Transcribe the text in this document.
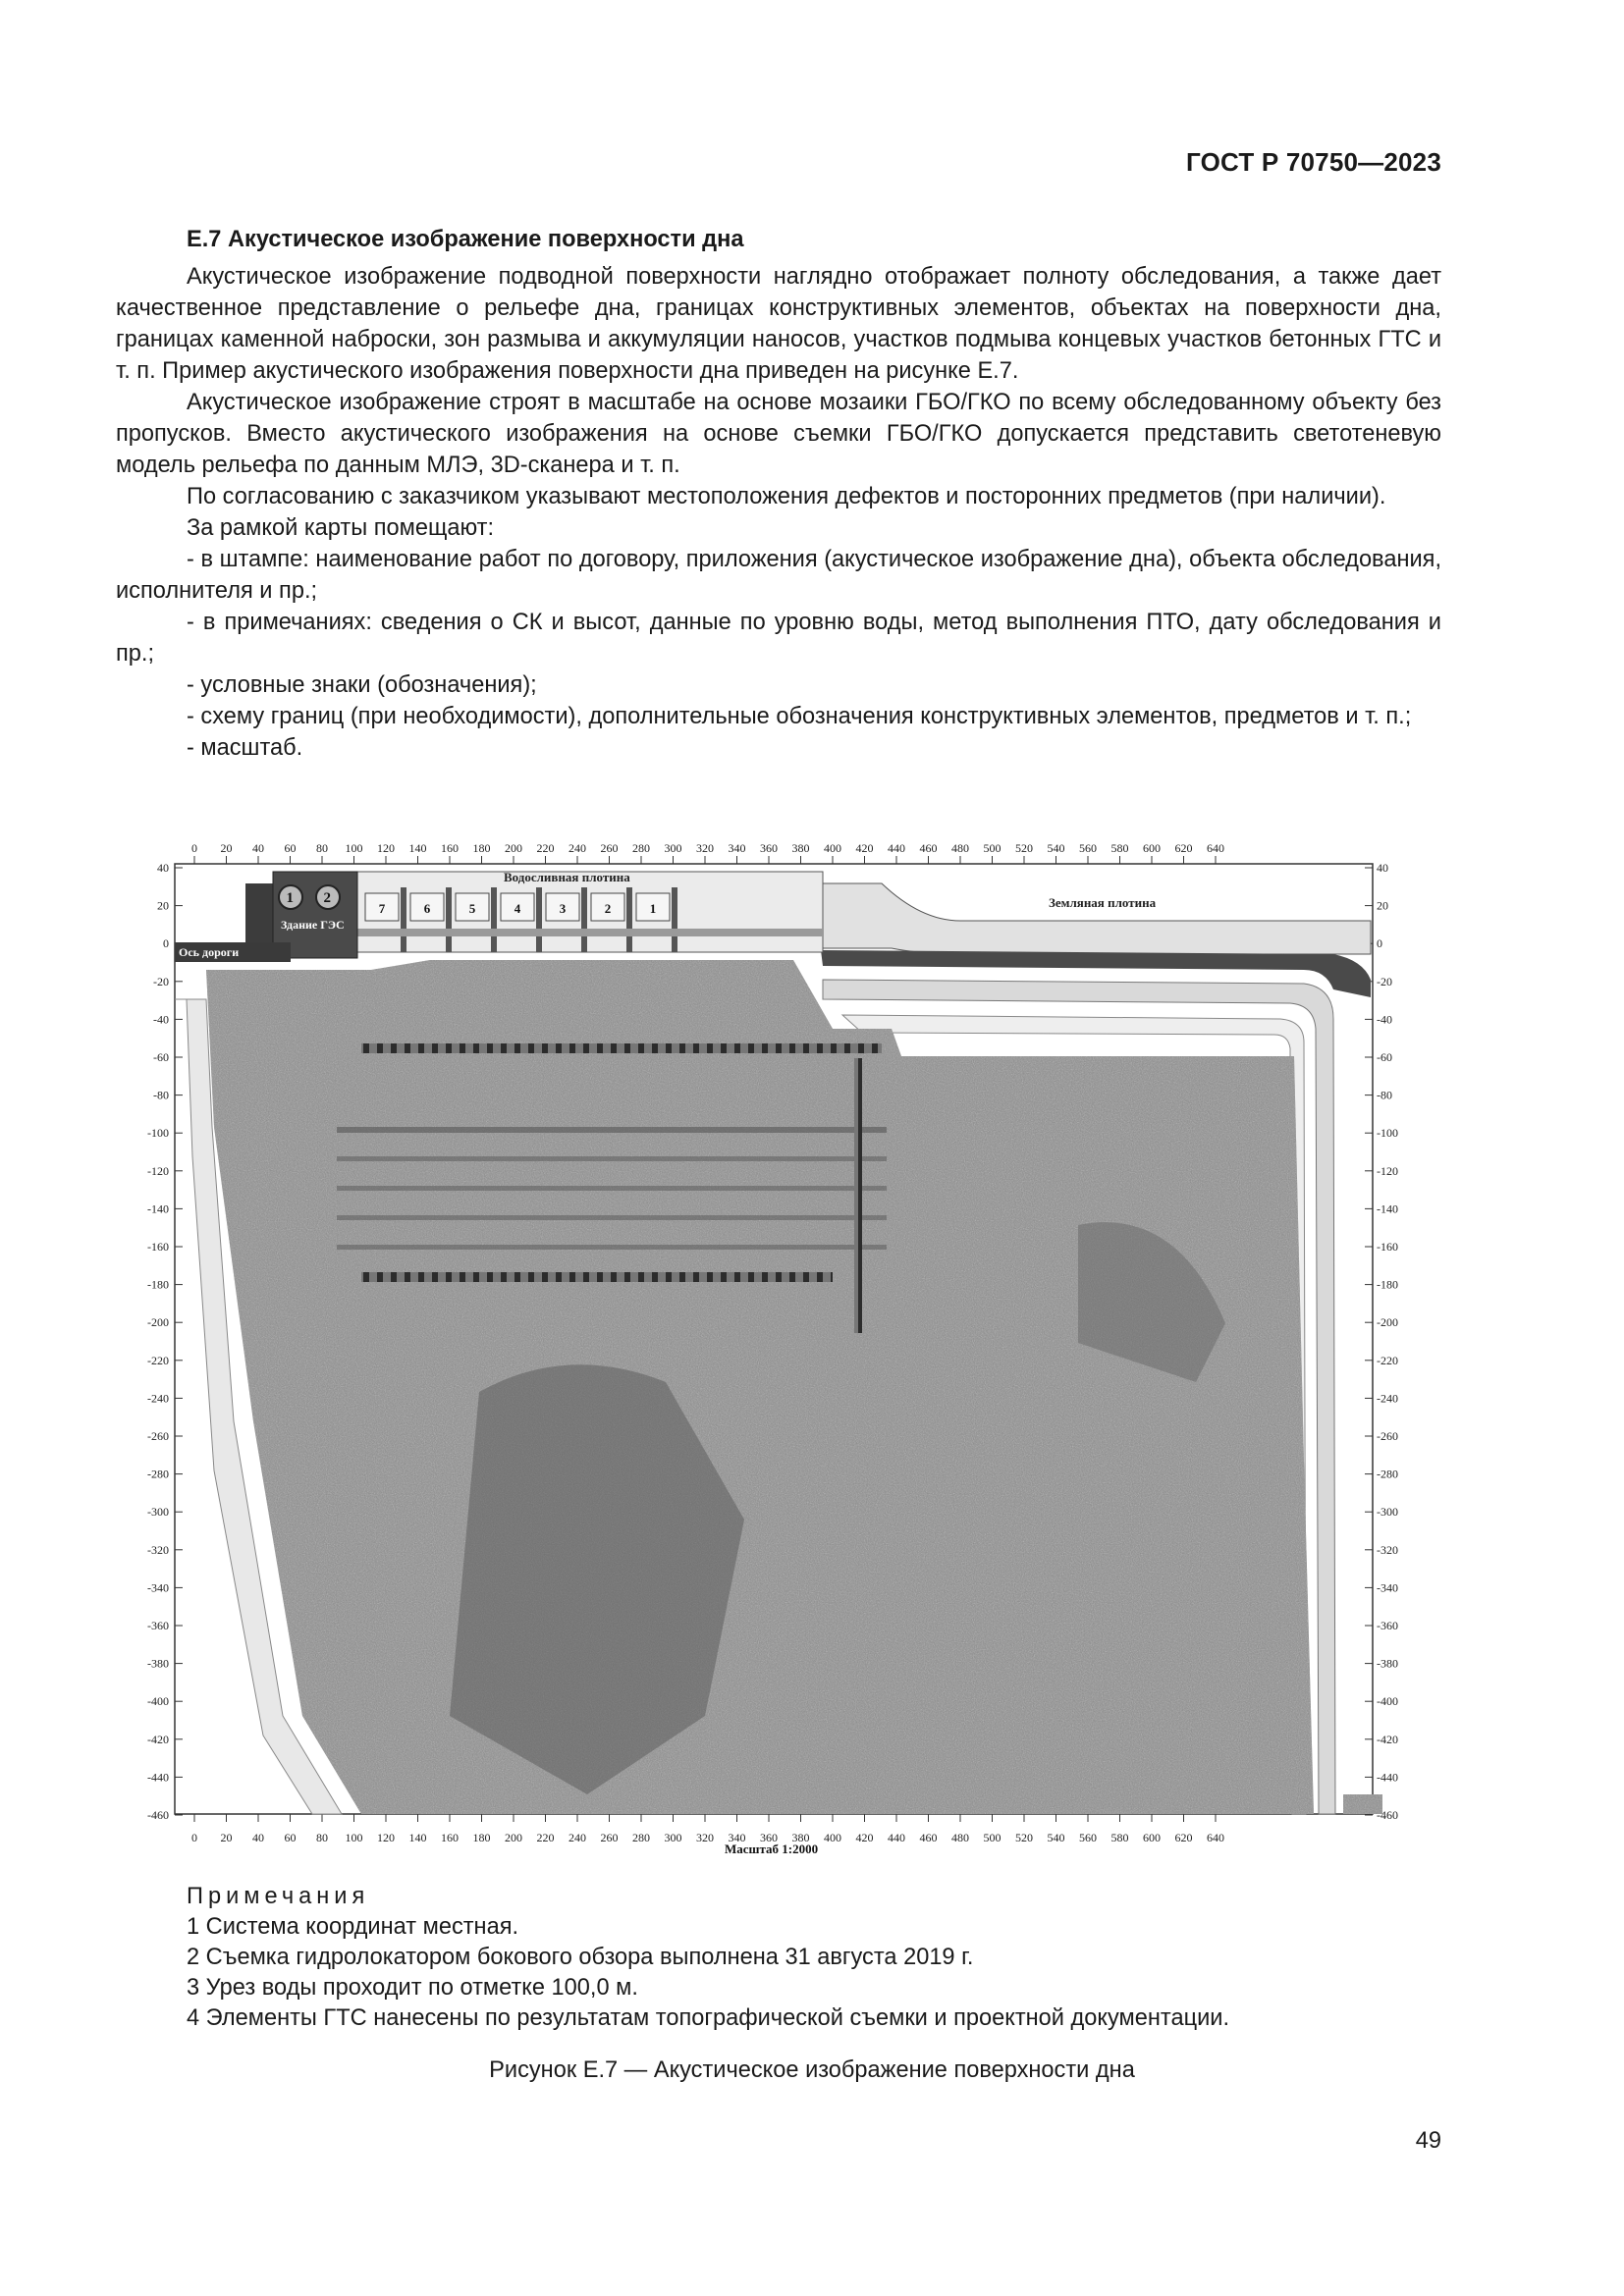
ГОСТ Р 70750—2023

Е.7 Акустическое изображение поверхности дна

Акустическое изображение подводной поверхности наглядно отображает полноту обследования, а также дает качественное представление о рельефе дна, границах конструктивных элементов, объектах на поверхности дна, границах каменной наброски, зон размыва и аккумуляции наносов, участков подмыва концевых участков бетонных ГТС и т. п. Пример акустического изображения поверхности дна приведен на рисунке Е.7.

Акустическое изображение строят в масштабе на основе мозаики ГБО/ГКО по всему обследованному объекту без пропусков. Вместо акустического изображения на основе съемки ГБО/ГКО допускается представить светотеневую модель рельефа по данным МЛЭ, 3D-сканера и т. п.

По согласованию с заказчиком указывают местоположения дефектов и посторонних предметов (при наличии).

За рамкой карты помещают:

- в штампе: наименование работ по договору, приложения (акустическое изображение дна), объекта обследования, исполнителя и пр.;

- в примечаниях: сведения о СК и высот, данные по уровню воды, метод выполнения ПТО, дату обследования и пр.;

- условные знаки (обозначения);

- схему границ (при необходимости), дополнительные обозначения конструктивных элементов, предметов и т. п.;

- масштаб.

0 20 40 60 80 100 120 140 160 180 200 220 240 260 280 300 320 340 360 380 400 420 440 460 480 500 520 540 560 580 600 620 640
0 20 40 60 80 100 120 140 160 180 200 220 240 260 280 300 320 340 360 380 400 420 440 460 480 500 520 540 560 580 600 620 640
40
20
0
-20
-40
-60
-80
-100
-120
-140
-160
-180
-200
-220
-240
-260
-280
-300
-320
-340
-360
-380
-400
-420
-440
-460
40
20
0
-20
-40
-60
-80
-100
-120
-140
-160
-180
-200
-220
-240
-260
-280
-300
-320
-340
-360
-380
-400
-420
-440
-460
7	6	5	4	3	2	1
Водосливная плотина
1 2
Здание ГЭС
Ось дороги
Земляная плотина
Масштаб 1:2000
Примечания
1 Система координат местная.
2 Съемка гидролокатором бокового обзора выполнена 31 августа 2019 г.
3 Урез воды проходит по отметке 100,0 м.
4 Элементы ГТС нанесены по результатам топографической съемки и проектной документации.
Рисунок Е.7 — Акустическое изображение поверхности дна
49
